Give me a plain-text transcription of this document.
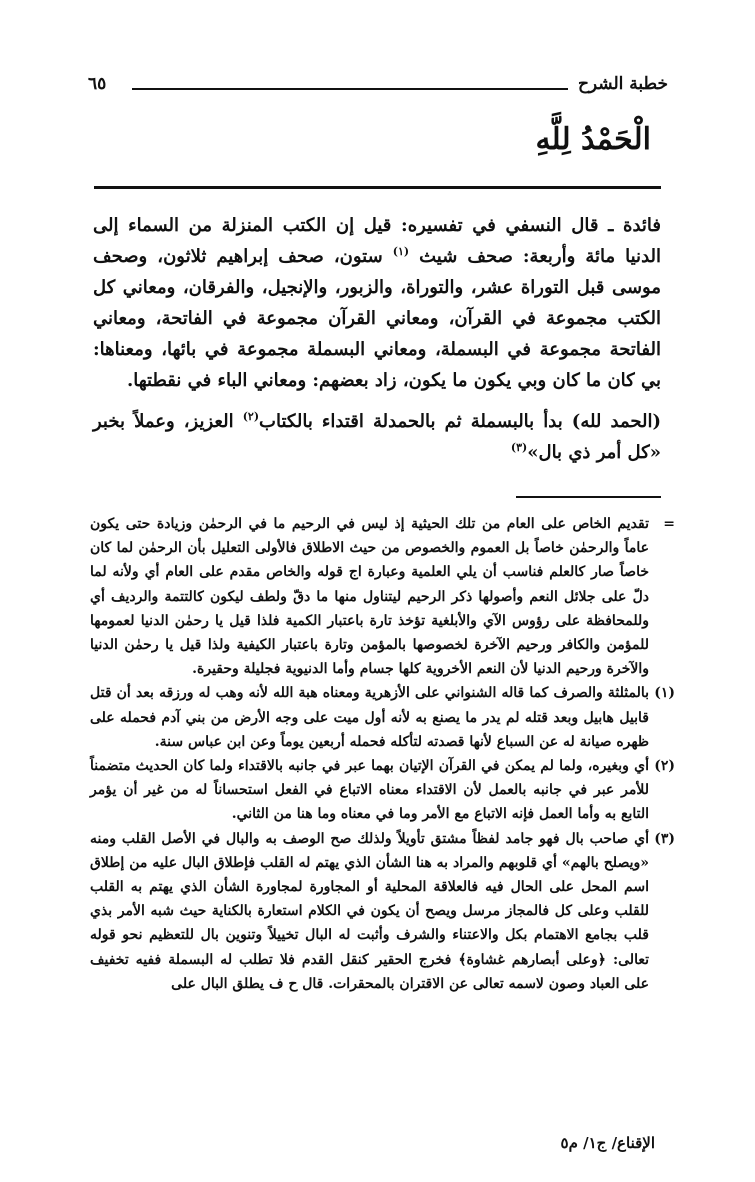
خطبة الشرح
٦٥
الْحَمْدُ لِلَّهِ

فائدة ـ قال النسفي في تفسيره: قيل إن الكتب المنزلة من السماء إلى الدنيا مائة وأربعة: صحف شيث $^{(١)}$ ستون، صحف إبراهيم ثلاثون، وصحف موسى قبل التوراة عشر، والتوراة، والزبور، والإنجيل، والفرقان، ومعاني كل الكتب مجموعة في القرآن، ومعاني القرآن مجموعة في الفاتحة، ومعاني الفاتحة مجموعة في البسملة، ومعاني البسملة مجموعة في بائها، ومعناها: بي كان ما كان وبي يكون ما يكون، زاد بعضهم: ومعاني الباء في نقطتها.

(الحمد لله) بدأ بالبسملة ثم بالحمدلة اقتداء بالكتاب$^{(٢)}$ العزيز، وعملاً بخبر «كل أمر ذي بال»$^{(٣)}$

=
تقديم الخاص على العام من تلك الحيثية إذ ليس في الرحيم ما في الرحمٰن وزيادة حتى يكون عاماً والرحمٰن خاصاً بل العموم والخصوص من حيث الاطلاق فالأولى التعليل بأن الرحمٰن لما كان خاصاً صار كالعلم فناسب أن يلي العلمية وعبارة اج قوله والخاص مقدم على العام أي ولأنه لما دلّ على جلائل النعم وأصولها ذكر الرحيم ليتناول منها ما دقّ ولطف ليكون كالتتمة والرديف أي وللمحافظة على رؤوس الآي والأبلغية تؤخذ تارة باعتبار الكمية فلذا قيل يا رحمٰن الدنيا لعمومها للمؤمن والكافر ورحيم الآخرة لخصوصها بالمؤمن وتارة باعتبار الكيفية ولذا قيل يا رحمٰن الدنيا والآخرة ورحيم الدنيا لأن النعم الأخروية كلها جسام وأما الدنيوية فجليلة وحقيرة.

(١)
بالمثلثة والصرف كما قاله الشنواني على الأزهرية ومعناه هبة الله لأنه وهب له ورزقه بعد أن قتل قابيل هابيل وبعد قتله لم يدر ما يصنع به لأنه أول ميت على وجه الأرض من بني آدم فحمله على ظهره صيانة له عن السباع لأنها قصدته لتأكله فحمله أربعين يوماً وعن ابن عباس سنة.

(٢)
أي وبغيره، ولما لم يمكن في القرآن الإتيان بهما عبر في جانبه بالاقتداء ولما كان الحديث متضمناً للأمر عبر في جانبه بالعمل لأن الاقتداء معناه الاتباع في الفعل استحساناً له من غير أن يؤمر التابع به وأما العمل فإنه الاتباع مع الأمر وما في معناه وما هنا من الثاني.

(٣)
أي صاحب بال فهو جامد لفظاً مشتق تأويلاً ولذلك صح الوصف به والبال في الأصل القلب ومنه «ويصلح بالهم» أي قلوبهم والمراد به هنا الشأن الذي يهتم له القلب فإطلاق البال عليه من إطلاق اسم المحل على الحال فيه فالعلاقة المحلية أو المجاورة لمجاورة الشأن الذي يهتم به القلب للقلب وعلى كل فالمجاز مرسل ويصح أن يكون في الكلام استعارة بالكناية حيث شبه الأمر بذي قلب بجامع الاهتمام بكل والاعتناء والشرف وأثبت له البال تخييلاً وتنوين بال للتعظيم نحو قوله تعالى: ﴿وعلى أبصارهم غشاوة﴾ فخرج الحقير كنقل القدم فلا تطلب له البسملة ففيه تخفيف على العباد وصون لاسمه تعالى عن الاقتران بالمحقرات. قال ح ف يطلق البال على

الإقناع/ ج١/ م٥
